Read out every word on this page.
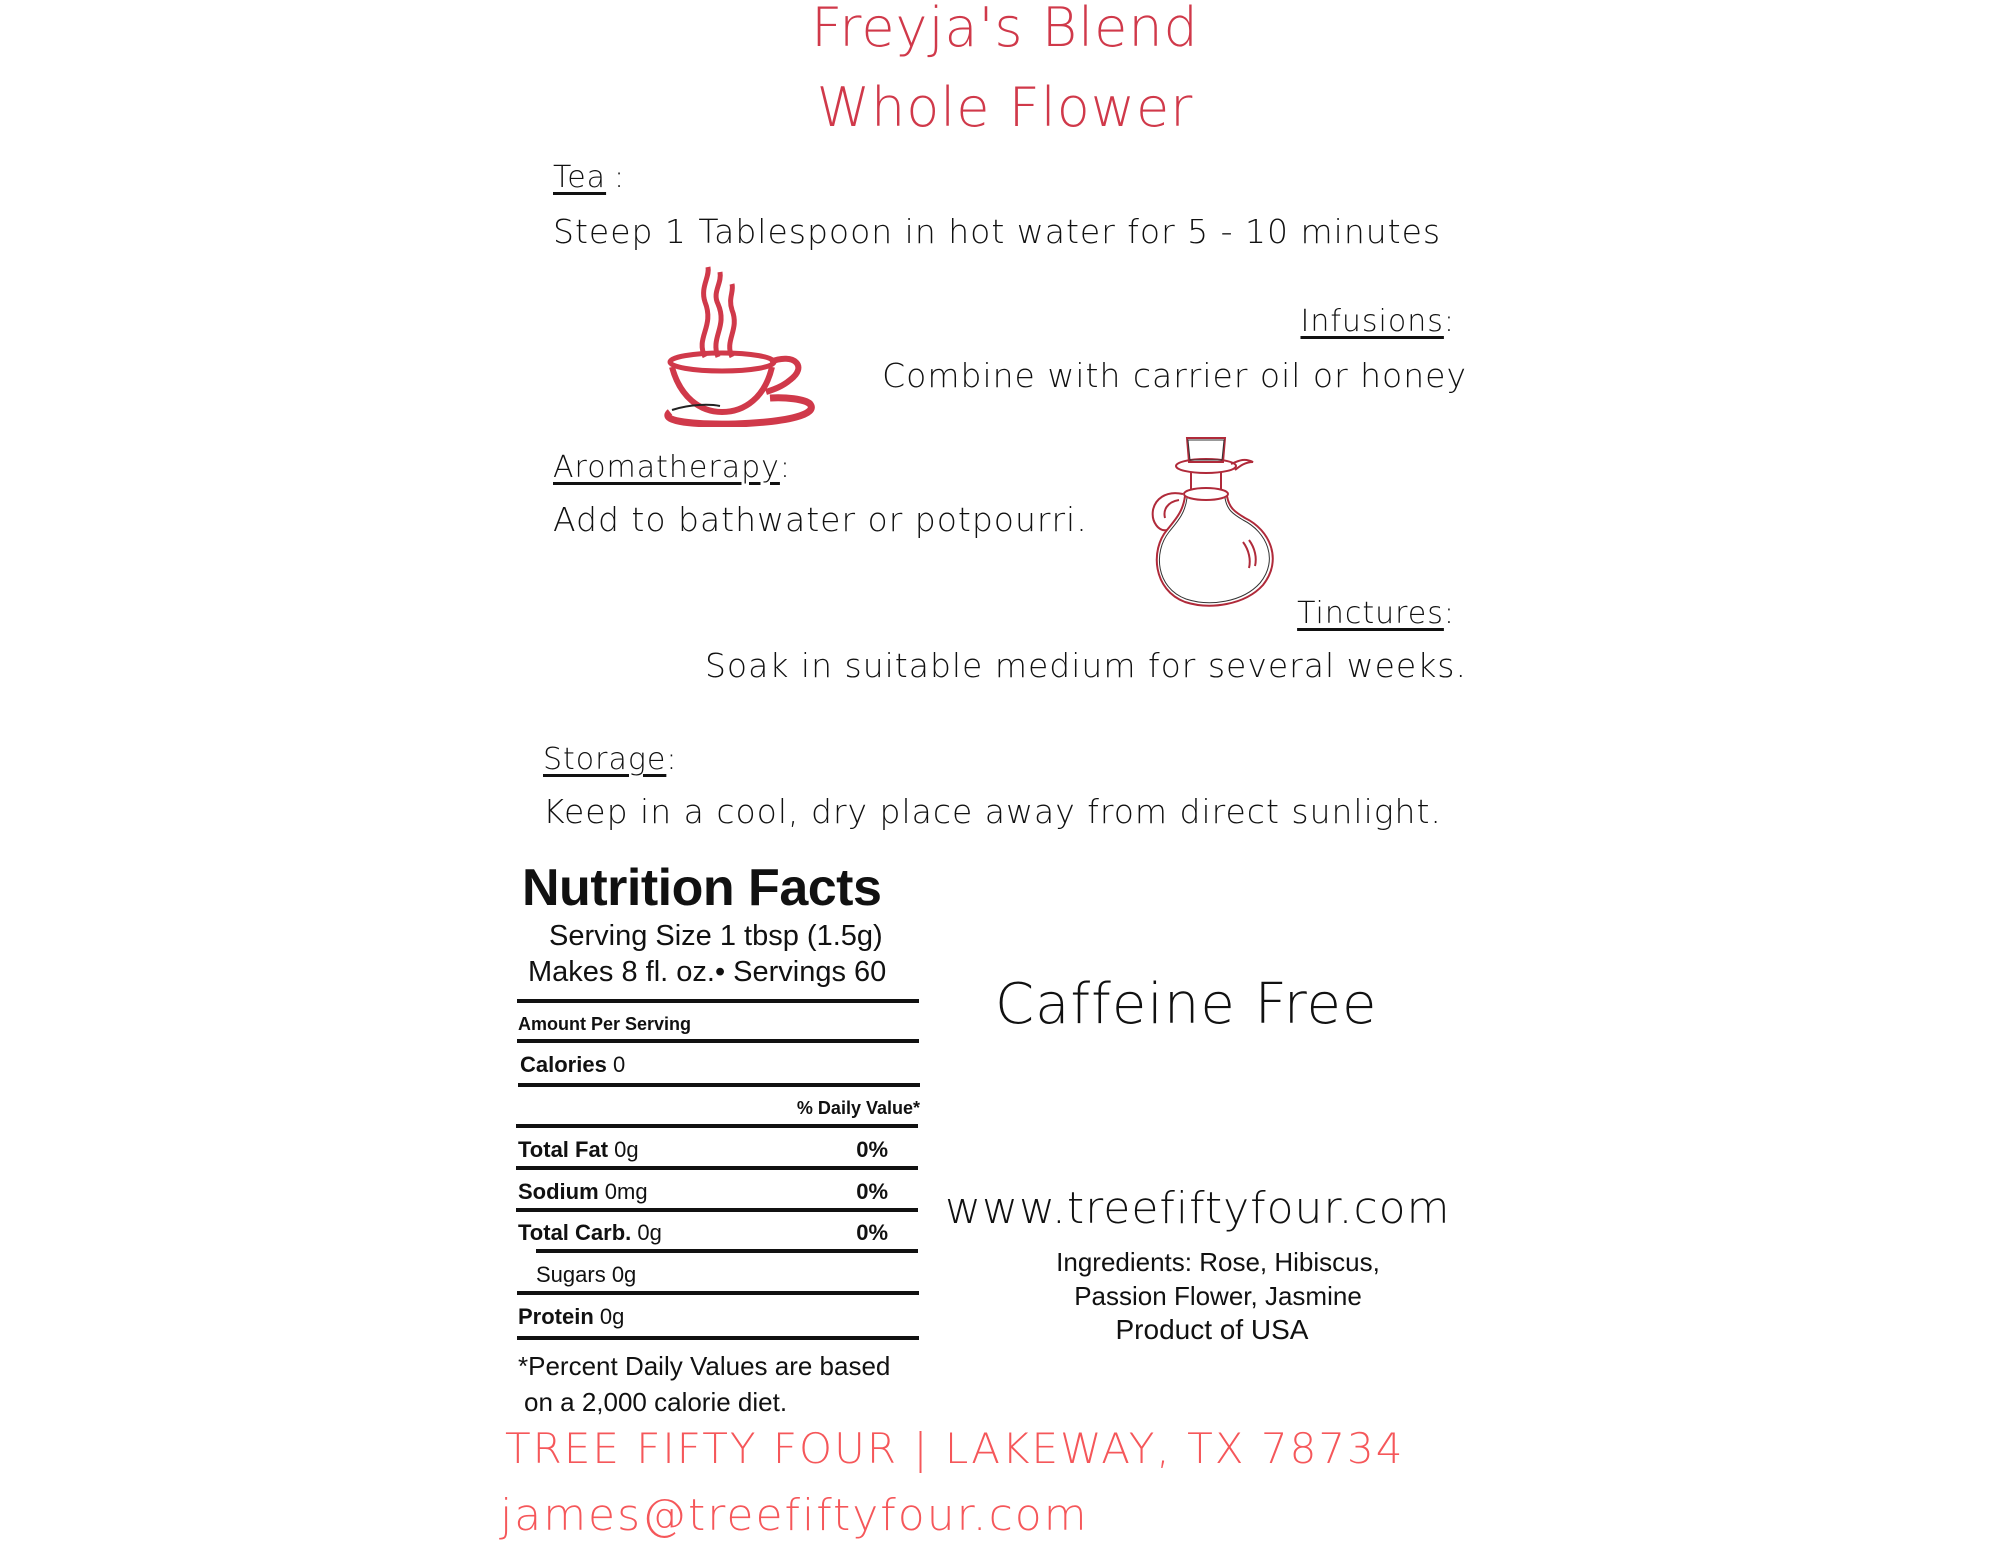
Freyja's Blend
Whole Flower
Tea :
Steep 1 Tablespoon in hot water for 5 - 10 minutes
Infusions:
Combine with carrier oil or honey
Aromatherapy:
Add to bathwater or potpourri.
Tinctures:
Soak in suitable medium for several weeks.
Storage:
Keep in a cool, dry place away from direct sunlight.
Nutrition Facts
Serving Size 1 tbsp (1.5g)
Makes 8 fl. oz.• Servings 60
Amount Per Serving
Calories 0
% Daily Value*
Total Fat 0g	0%
Sodium 0mg	0%
Total Carb. 0g	0%
Sugars 0g
Protein 0g
*Percent Daily Values are based
on a 2,000 calorie diet.
Caffeine Free
www.treefiftyfour.com
Ingredients: Rose, Hibiscus,
Passion Flower, Jasmine
Product of USA
TREE FIFTY FOUR | LAKEWAY, TX 78734
james@treefiftyfour.com
